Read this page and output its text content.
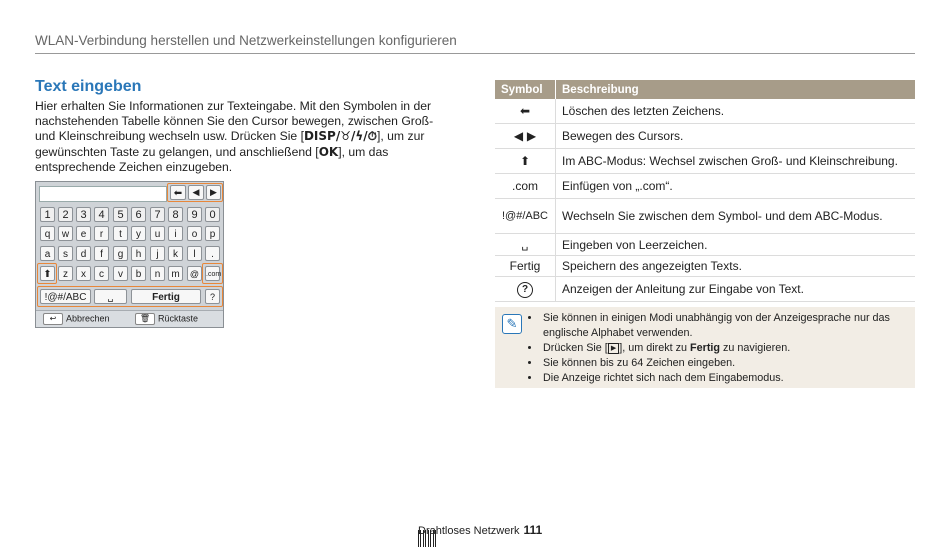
WLAN-Verbindung herstellen und Netzwerkeinstellungen konfigurieren
Text eingeben
Hier erhalten Sie Informationen zur Texteingabe. Mit den Symbolen in der nachstehenden Tabelle können Sie den Cursor bewegen, zwischen Groß- und Kleinschreibung wechseln usw. Drücken Sie [DISP/♉/ϟ/⏱], um zur gewünschten Taste zu gelangen, und anschließend [OK], um das entsprechende Zeichen einzugeben.
⬅	◀	▶
1	2	3	4	5	6	7	8	9	0
q	w	e	r	t	y	u	i	o	p
a	s	d	f	g	h	j	k	l	.
⬆	z	x	c	v	b	n	m	@ .com
!@#/ABC	␣	Fertig	?
↩ Abbrechen	🗑 Rücktaste
Symbol	Beschreibung
⬅	Löschen des letzten Zeichens.
◀ ▶	Bewegen des Cursors.
⬆	Im ABC-Modus: Wechsel zwischen Groß- und Kleinschreibung.
.com	Einfügen von „.com“.
!@#/ABC	Wechseln Sie zwischen dem Symbol- und dem ABC-Modus.
␣	Eingeben von Leerzeichen.
Fertig	Speichern des angezeigten Texts.
?	Anzeigen der Anleitung zur Eingabe von Text.
✎	• Sie können in einigen Modi unabhängig von der Anzeigesprache nur das englische Alphabet verwenden.
• Drücken Sie [ ▶ ], um direkt zu Fertig zu navigieren.
• Sie können bis zu 64 Zeichen eingeben.
• Die Anzeige richtet sich nach dem Eingabemodus.
Drahtloses Netzwerk 111
